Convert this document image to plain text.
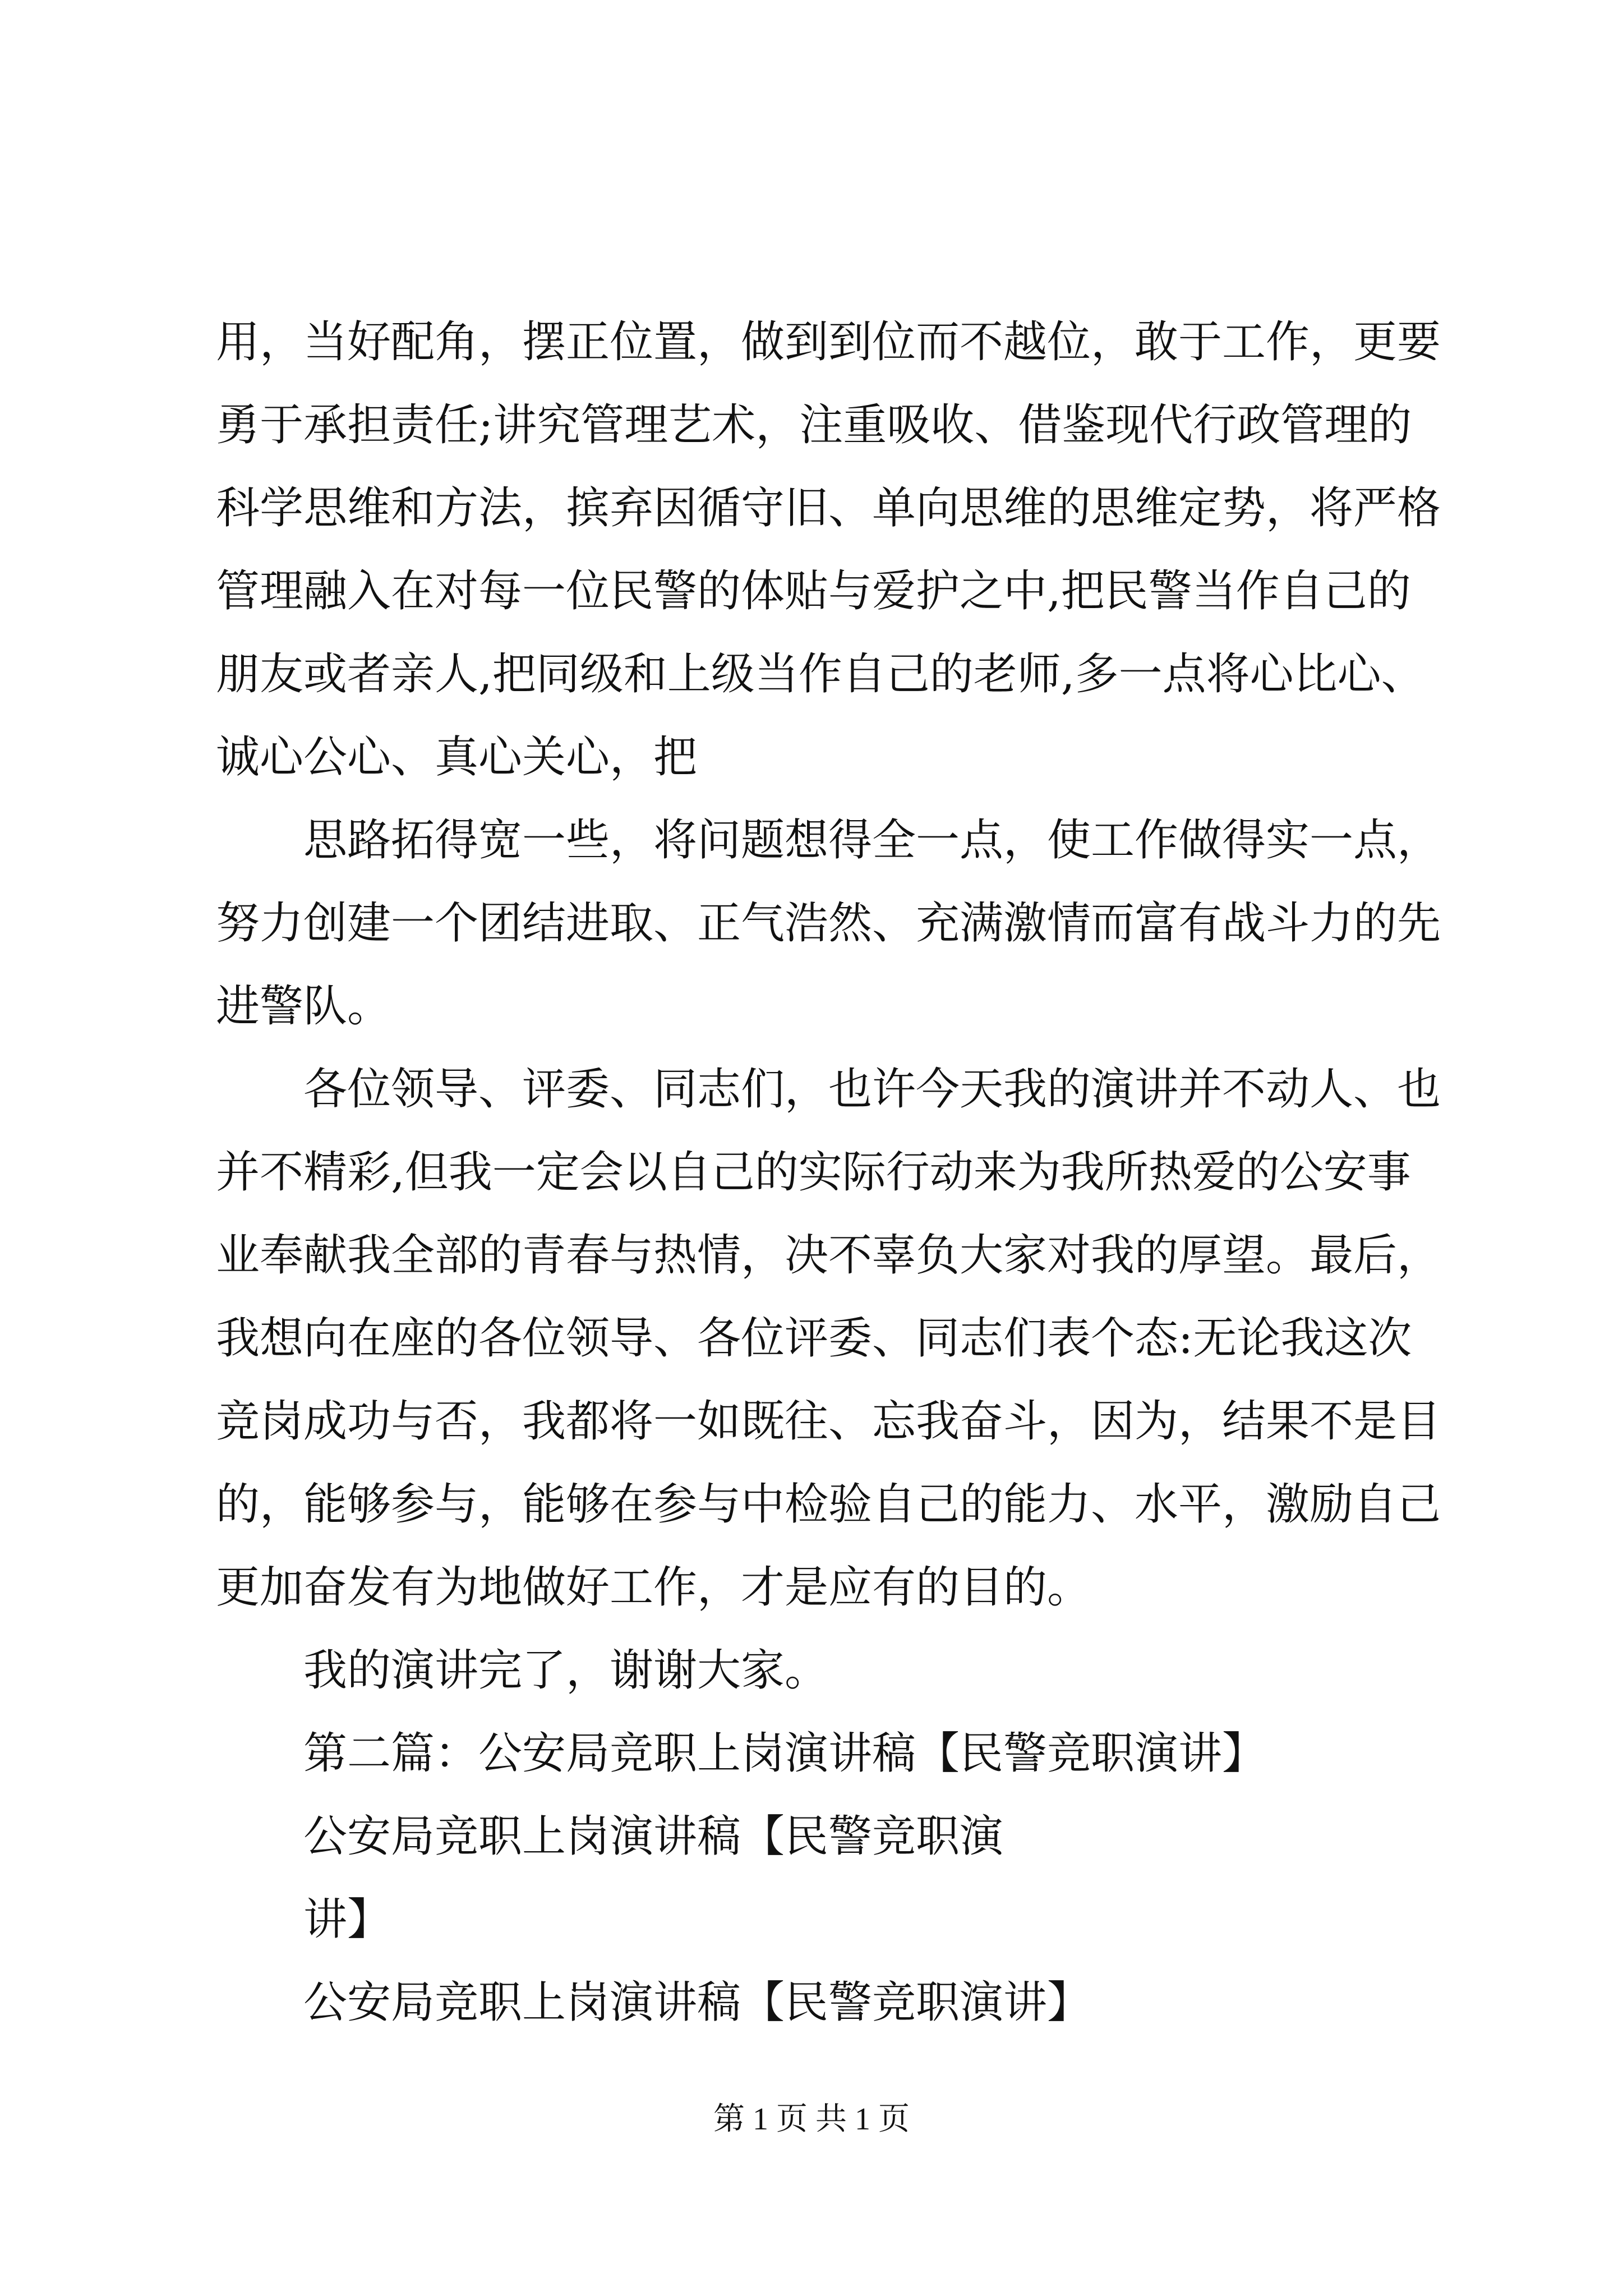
用，当好配角，摆正位置，做到到位而不越位，敢于工作，更要
勇于承担责任;讲究管理艺术，注重吸收、借鉴现代行政管理的
科学思维和方法，摈弃因循守旧、单向思维的思维定势，将严格
管理融入在对每一位民警的体贴与爱护之中,把民警当作自己的
朋友或者亲人,把同级和上级当作自己的老师,多一点将心比心、
诚心公心、真心关心，把
思路拓得宽一些，将问题想得全一点，使工作做得实一点，
努力创建一个团结进取、正气浩然、充满激情而富有战斗力的先
进警队。
各位领导、评委、同志们，也许今天我的演讲并不动人、也
并不精彩,但我一定会以自己的实际行动来为我所热爱的公安事
业奉献我全部的青春与热情，决不辜负大家对我的厚望。最后，
我想向在座的各位领导、各位评委、同志们表个态:无论我这次
竞岗成功与否，我都将一如既往、忘我奋斗，因为，结果不是目
的，能够参与，能够在参与中检验自己的能力、水平，激励自己
更加奋发有为地做好工作，才是应有的目的。
我的演讲完了，谢谢大家。
第二篇：公安局竞职上岗演讲稿【民警竞职演讲】
公安局竞职上岗演讲稿【民警竞职演
讲】
公安局竞职上岗演讲稿【民警竞职演讲】
第 1 页 共 1 页
